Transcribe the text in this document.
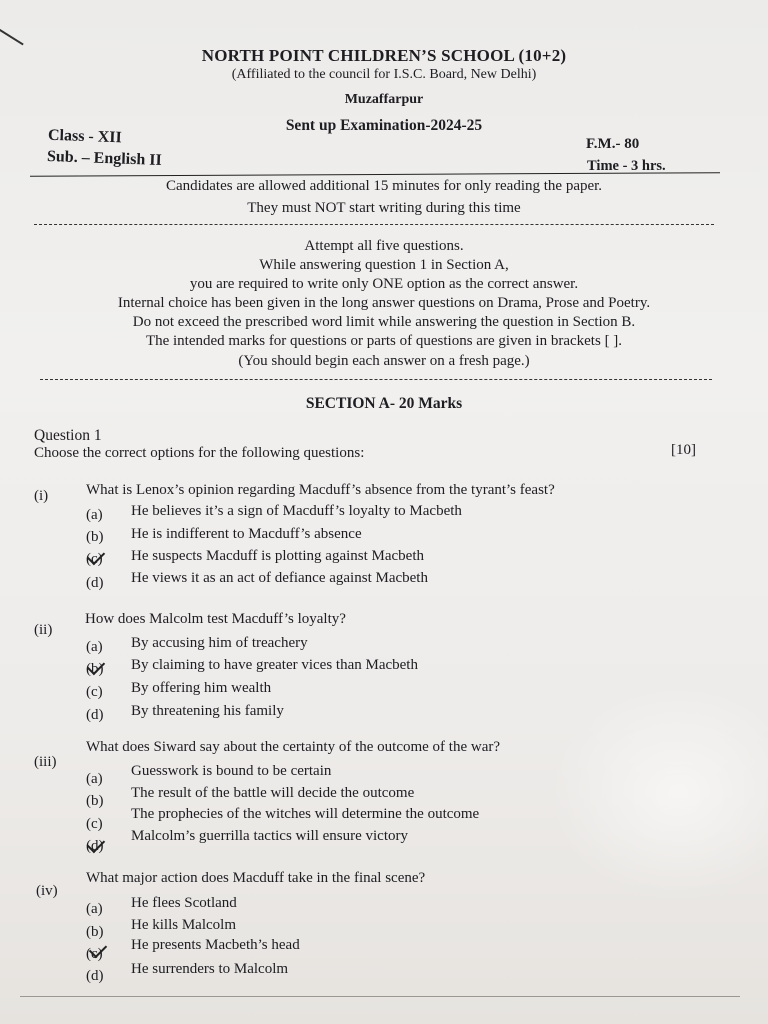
NORTH POINT CHILDREN’S SCHOOL (10+2)
(Affiliated to the council for I.S.C. Board, New Delhi)
Muzaffarpur
Sent up Examination-2024-25
Class - XII
Sub. – English II
F.M.- 80
Time - 3 hrs.
Candidates are allowed additional 15 minutes for only reading the paper.
They must NOT start writing during this time
Attempt all five questions.
While answering question 1 in Section A,
you are required to write only ONE option as the correct answer.
Internal choice has been given in the long answer questions on Drama, Prose and Poetry.
Do not exceed the prescribed word limit while answering the question in Section B.
The intended marks for questions or parts of questions are given in brackets [ ].
(You should begin each answer on a fresh page.)
SECTION A- 20 Marks
Question 1
Choose the correct options for the following questions:	[10]
(i)	What is Lenox’s opinion regarding Macduff’s absence from the tyrant’s feast?
(a) He believes it’s a sign of Macduff’s loyalty to Macbeth
(b) He is indifferent to Macduff’s absence
(c) He suspects Macduff is plotting against Macbeth
(d) He views it as an act of defiance against Macbeth
(ii)
How does Malcolm test Macduff’s loyalty?
(a) By accusing him of treachery
(b) By claiming to have greater vices than Macbeth
(c) By offering him wealth
(d) By threatening his family
(iii)
What does Siward say about the certainty of the outcome of the war?
(a) Guesswork is bound to be certain
(b) The result of the battle will decide the outcome
(c)
The prophecies of the witches will determine the outcome
(d)
Malcolm’s guerrilla tactics will ensure victory
(iv)
What major action does Macduff take in the final scene?
(a) He flees Scotland
(b) He kills Malcolm
(c)
He presents Macbeth’s head
(d) He surrenders to Malcolm
